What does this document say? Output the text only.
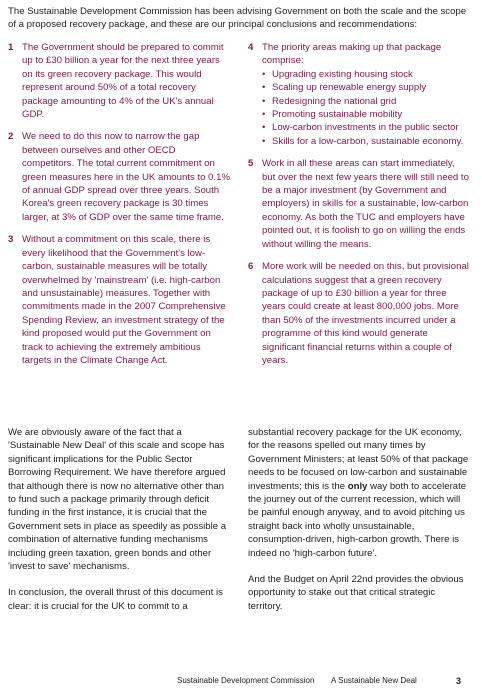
The Sustainable Development Commission has been advising Government on both the scale and the scope of a proposed recovery package, and these are our principal conclusions and recommendations:
1 The Government should be prepared to commit up to £30 billion a year for the next three years on its green recovery package. This would represent around 50% of a total recovery package amounting to 4% of the UK's annual GDP.
2 We need to do this now to narrow the gap between ourselves and other OECD competitors. The total current commitment on green measures here in the UK amounts to 0.1% of annual GDP spread over three years. South Korea's green recovery package is 30 times larger, at 3% of GDP over the same time frame.
3 Without a commitment on this scale, there is every likelihood that the Government's low-carbon, sustainable measures will be totally overwhelmed by 'mainstream' (i.e. high-carbon and unsustainable) measures. Together with commitments made in the 2007 Comprehensive Spending Review, an investment strategy of the kind proposed would put the Government on track to achieving the extremely ambitious targets in the Climate Change Act.
4 The priority areas making up that package comprise:
• Upgrading existing housing stock
• Scaling up renewable energy supply
• Redesigning the national grid
• Promoting sustainable mobility
• Low-carbon investments in the public sector
• Skills for a low-carbon, sustainable economy.
5 Work in all these areas can start immediately, but over the next few years there will still need to be a major investment (by Government and employers) in skills for a sustainable, low-carbon economy. As both the TUC and employers have pointed out, it is foolish to go on willing the ends without willing the means.
6 More work will be needed on this, but provisional calculations suggest that a green recovery package of up to £30 billion a year for three years could create at least 800,000 jobs. More than 50% of the investments incurred under a programme of this kind would generate significant financial returns within a couple of years.

We are obviously aware of the fact that a 'Sustainable New Deal' of this scale and scope has significant implications for the Public Sector Borrowing Requirement. We have therefore argued that although there is now no alternative other than to fund such a package primarily through deficit funding in the first instance, it is crucial that the Government sets in place as speedily as possible a combination of alternative funding mechanisms including green taxation, green bonds and other 'invest to save' mechanisms.

In conclusion, the overall thrust of this document is clear: it is crucial for the UK to commit to a

substantial recovery package for the UK economy, for the reasons spelled out many times by Government Ministers; at least 50% of that package needs to be focused on low-carbon and sustainable investments; this is the only way both to accelerate the journey out of the current recession, which will be painful enough anyway, and to avoid pitching us straight back into wholly unsustainable, consumption-driven, high-carbon growth. There is indeed no 'high-carbon future'.

And the Budget on April 22nd provides the obvious opportunity to stake out that critical strategic territory.

Sustainable Development Commission	A Sustainable New Deal	3
